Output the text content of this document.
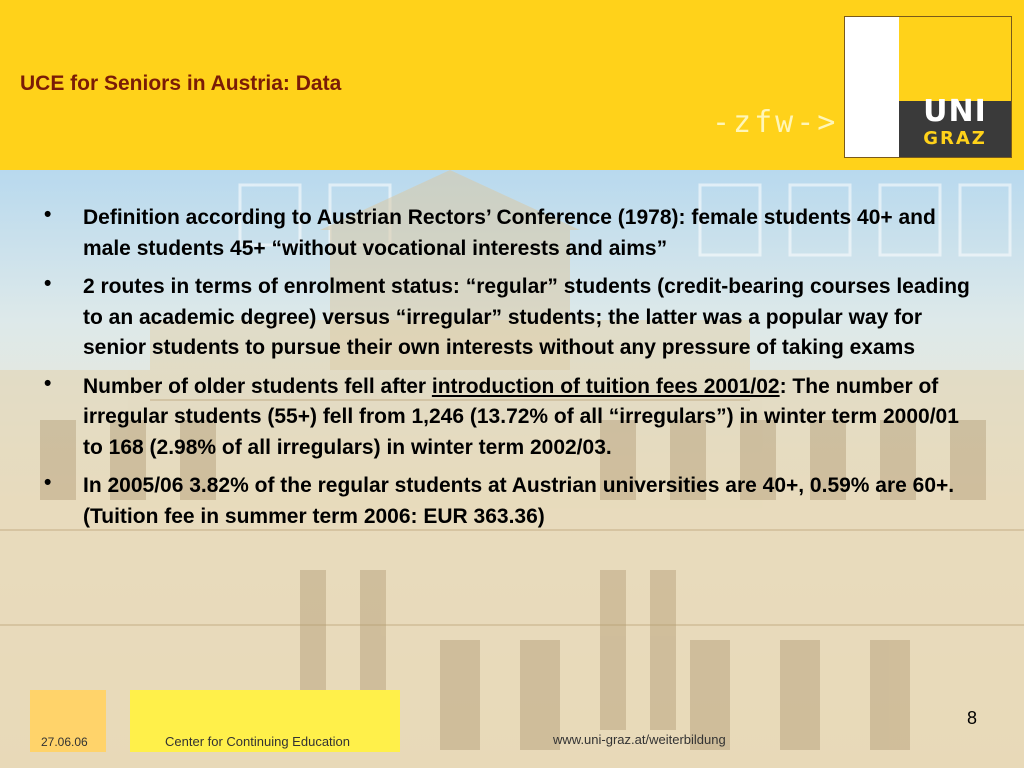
UCE for Seniors in Austria: Data
-zfw->	UNI
GRAZ
• Definition according to Austrian Rectors’ Conference (1978): female students 40+ and male students 45+ “without vocational interests and aims”
• 2 routes in terms of enrolment status: “regular” students (credit-bearing courses leading to an academic degree) versus “irregular” students; the latter was a popular way for senior students to pursue their own interests without any pressure of taking exams
• Number of older students fell after introduction of tuition fees 2001/02: The number of irregular students (55+) fell from 1,246 (13.72% of all “irregulars”) in winter term 2000/01 to 168 (2.98% of all irregulars) in winter term 2002/03.
• In 2005/06 3.82% of the regular students at Austrian universities are 40+, 0.59% are 60+. (Tuition fee in summer term 2006: EUR 363.36)
27.06.06	Center for Continuing Education	www.uni-graz.at/weiterbildung
8
